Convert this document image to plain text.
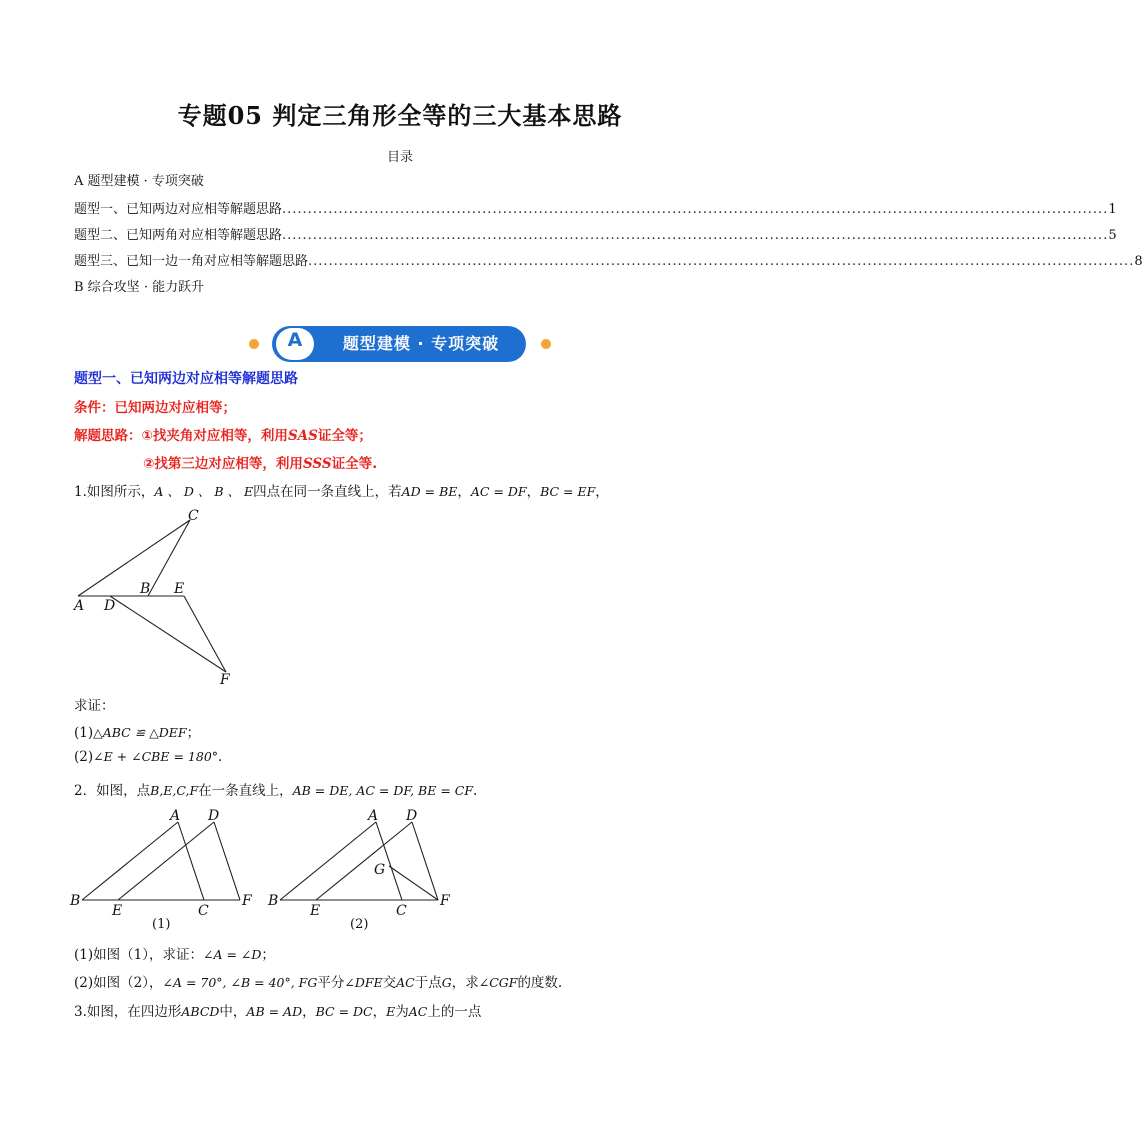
专题05 判定三角形全等的三大基本思路
目录
A 题型建模 · 专项突破
题型一、已知两边对应相等解题思路 ................................................................................................................................................................. 1
题型二、已知两角对应相等解题思路 ................................................................................................................................................................. 5
题型三、已知一边一角对应相等解题思路 ................................................................................................................................................................. 8
B 综合攻坚 · 能力跃升
A	题型建模 · 专项突破
题型一、已知两边对应相等解题思路
条件：已知两边对应相等；
解题思路：①找夹角对应相等，利用SAS证全等；
②找第三边对应相等，利用SSS证全等.
1.如图所示，A 、 D 、 B 、 E四点在同一条直线上，若AD = BE，AC = DF，BC = EF，
C
B E
A D
F
求证：
(1)△ABC ≌ △DEF；
(2)∠E + ∠CBE = 180°.
2．如图，点B,E,C,F在一条直线上，AB = DE, AC = DF, BE = CF.
A D
B
E	C
F
(1)
A D
B
E	C
F
G
(2)
(1)如图（1），求证：∠A = ∠D；
(2)如图（2），∠A = 70°, ∠B = 40°, FG平分∠DFE交AC于点G，求∠CGF的度数.
3.如图，在四边形ABCD中，AB = AD，BC = DC，E为AC上的一点
